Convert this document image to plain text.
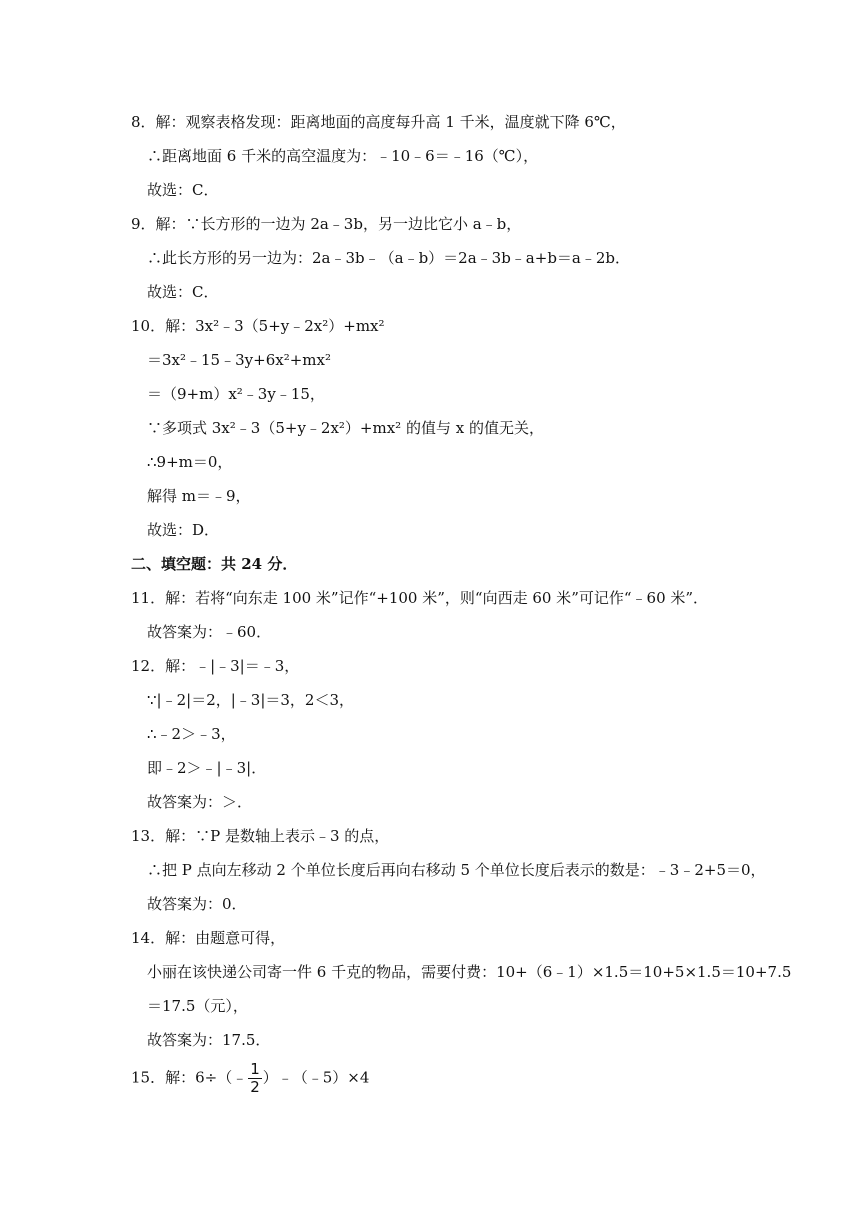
8．解：观察表格发现：距离地面的高度每升高 1 千米，温度就下降 6℃，
∴距离地面 6 千米的高空温度为：﹣10﹣6＝﹣16（℃），
故选：C．
9．解：∵长方形的一边为 2a﹣3b，另一边比它小 a﹣b，
∴此长方形的另一边为：2a﹣3b﹣（a﹣b）＝2a﹣3b﹣a+b＝a﹣2b．
故选：C．
10．解：3x²﹣3（5+y﹣2x²）+mx²
＝3x²﹣15﹣3y+6x²+mx²
＝（9+m）x²﹣3y﹣15，
∵多项式 3x²﹣3（5+y﹣2x²）+mx² 的值与 x 的值无关，
∴9+m＝0，
解得 m＝﹣9，
故选：D．
二、填空题：共 24 分．
11．解：若将“向东走 100 米”记作“+100 米”，则“向西走 60 米”可记作“﹣60 米”．
故答案为：﹣60．
12．解：﹣|﹣3|＝﹣3，
∵|﹣2|＝2，|﹣3|＝3，2＜3，
∴﹣2＞﹣3，
即﹣2＞﹣|﹣3|．
故答案为：＞．
13．解：∵P 是数轴上表示﹣3 的点，
∴把 P 点向左移动 2 个单位长度后再向右移动 5 个单位长度后表示的数是：﹣3﹣2+5＝0，
故答案为：0．
14．解：由题意可得，
小丽在该快递公司寄一件 6 千克的物品，需要付费：10+（6﹣1）×1.5＝10+5×1.5＝10+7.5
＝17.5（元），
故答案为：17.5．
15．解：6÷（﹣ $\frac{1}{2}$ ）﹣（﹣5）×4
